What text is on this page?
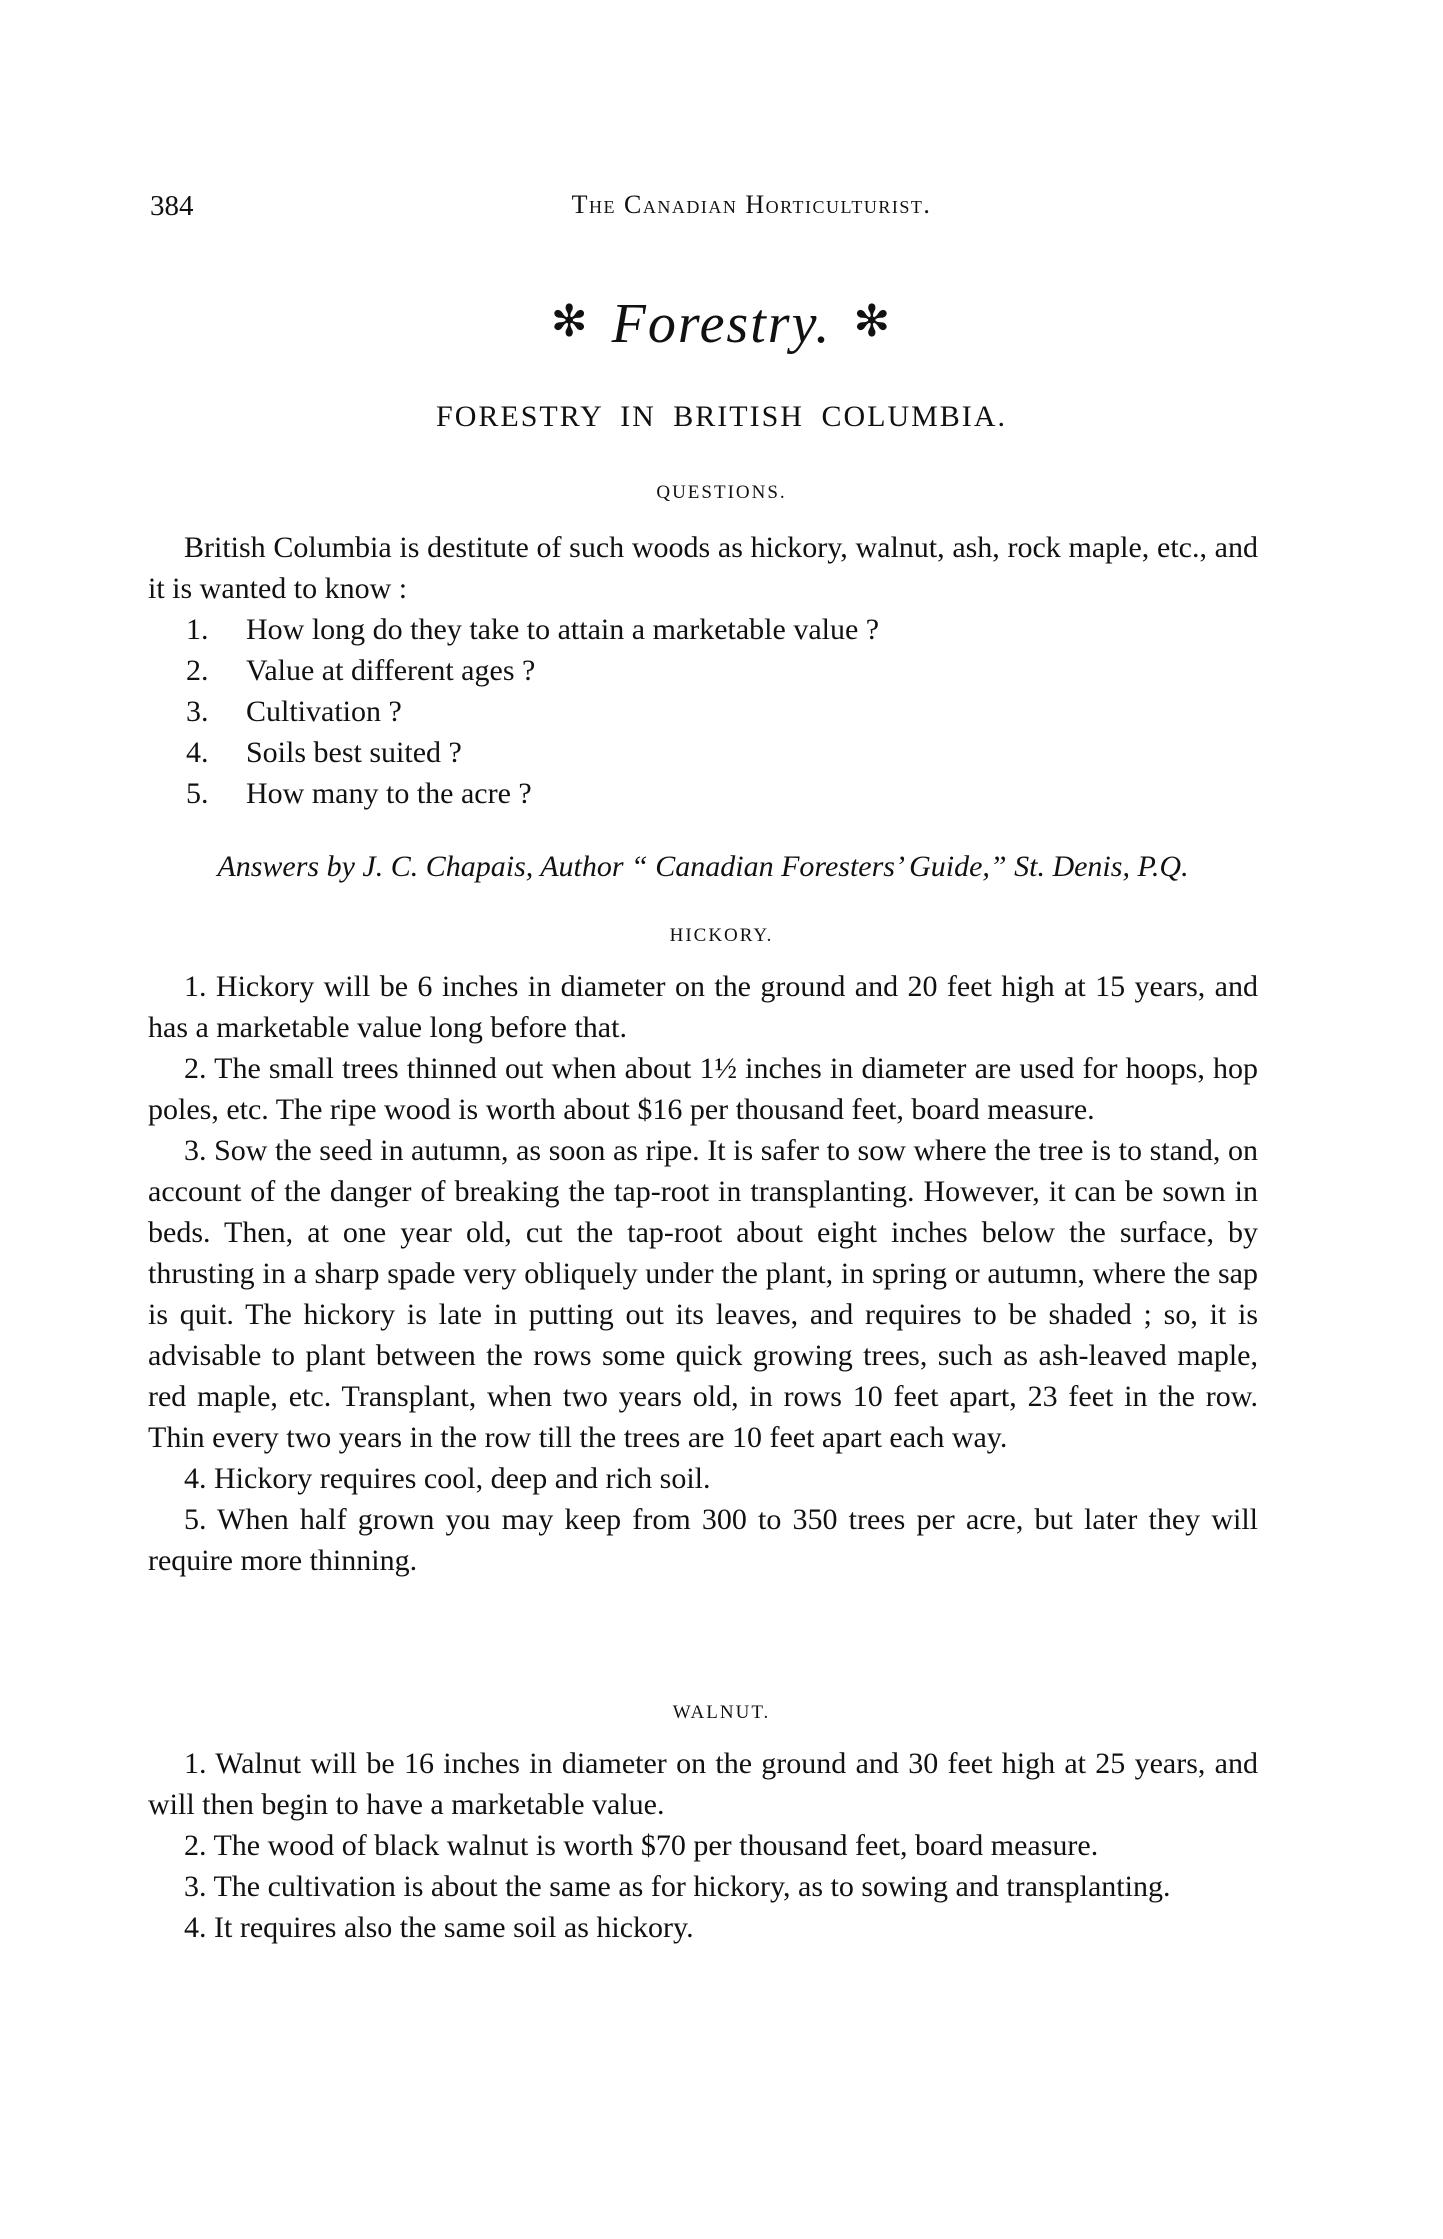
384	The Canadian Horticulturist.
✻ Forestry. ✻
FORESTRY IN BRITISH COLUMBIA.
QUESTIONS.

British Columbia is destitute of such woods as hickory, walnut, ash, rock maple, etc., and it is wanted to know :

1. How long do they take to attain a marketable value ?

2. Value at different ages ?

3. Cultivation ?

4. Soils best suited ?

5. How many to the acre ?

Answers by J. C. Chapais, Author “ Canadian Foresters’ Guide,” St. Denis, P.Q.
HICKORY.

1. Hickory will be 6 inches in diameter on the ground and 20 feet high at 15 years, and has a marketable value long before that.

2. The small trees thinned out when about 1½ inches in diameter are used for hoops, hop poles, etc. The ripe wood is worth about $16 per thousand feet, board measure.

3. Sow the seed in autumn, as soon as ripe. It is safer to sow where the tree is to stand, on account of the danger of breaking the tap-root in transplanting. However, it can be sown in beds. Then, at one year old, cut the tap-root about eight inches below the surface, by thrusting in a sharp spade very obliquely under the plant, in spring or autumn, where the sap is quit. The hickory is late in putting out its leaves, and requires to be shaded ; so, it is advisable to plant between the rows some quick growing trees, such as ash-leaved maple, red maple, etc. Transplant, when two years old, in rows 10 feet apart, 23 feet in the row. Thin every two years in the row till the trees are 10 feet apart each way.

4. Hickory requires cool, deep and rich soil.

5. When half grown you may keep from 300 to 350 trees per acre, but later they will require more thinning.

WALNUT.

1. Walnut will be 16 inches in diameter on the ground and 30 feet high at 25 years, and will then begin to have a marketable value.

2. The wood of black walnut is worth $70 per thousand feet, board measure.

3. The cultivation is about the same as for hickory, as to sowing and transplanting.

4. It requires also the same soil as hickory.
